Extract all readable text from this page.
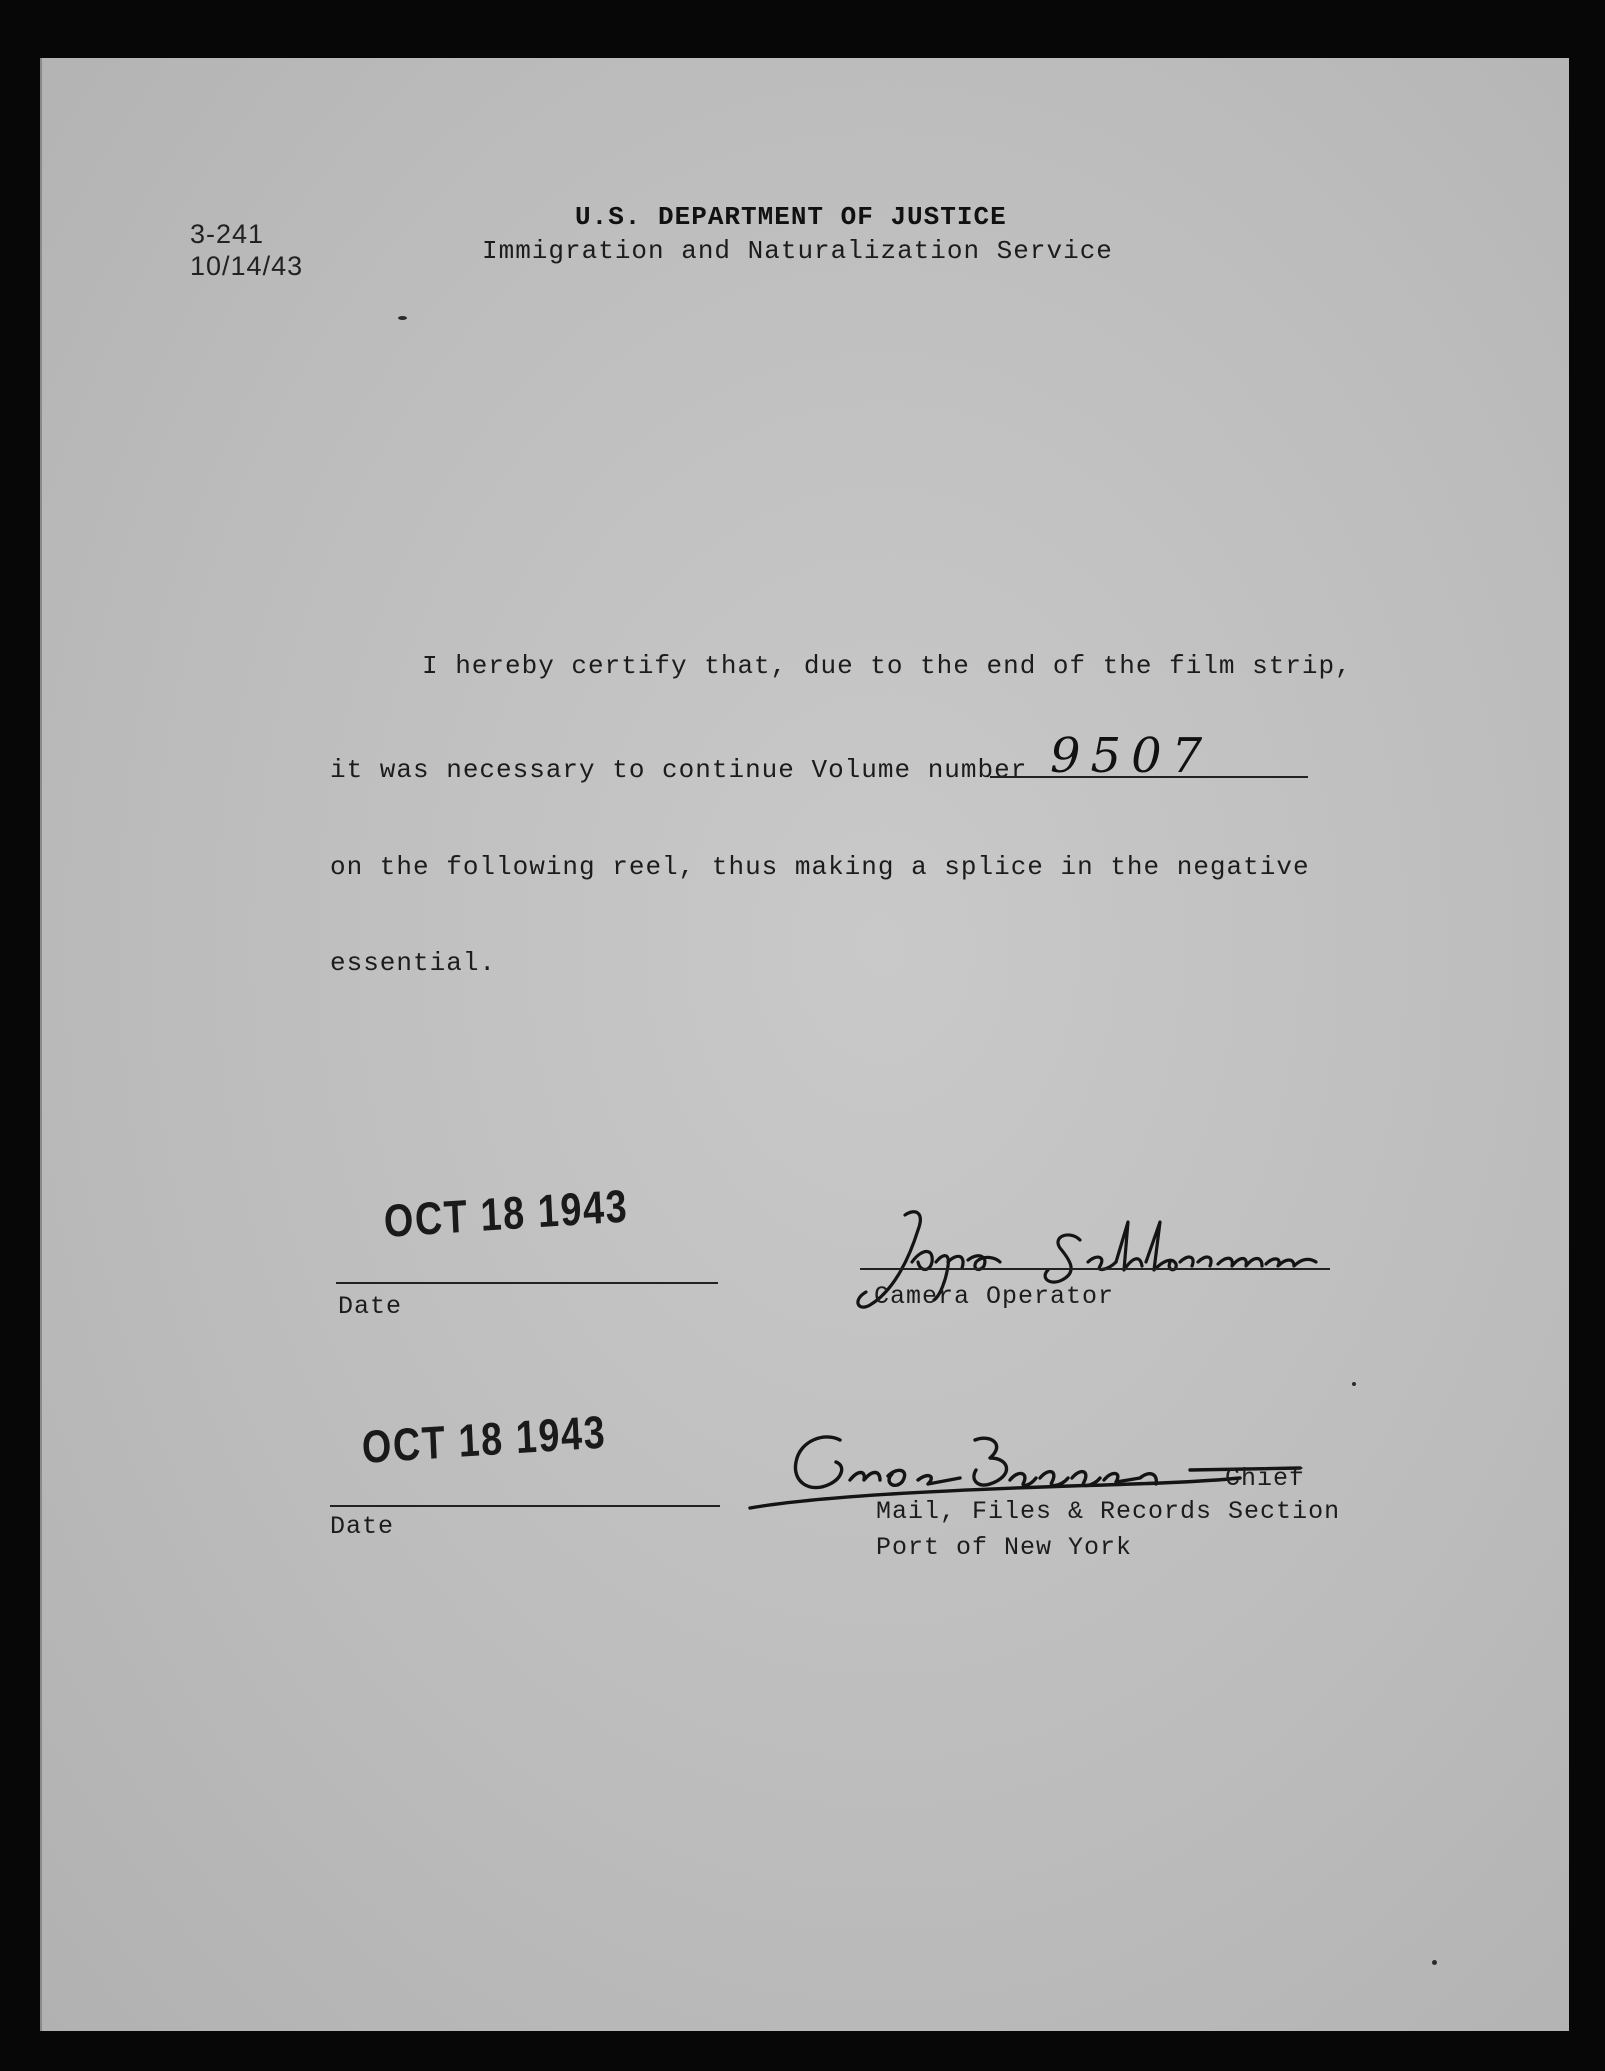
3-241
10/14/43
U.S. DEPARTMENT OF JUSTICE
Immigration and Naturalization Service
I hereby certify that, due to the end of the film strip,
it was necessary to continue Volume number 9507
on the following reel, thus making a splice in the negative
essential.
OCT 18 1943
Date	Camera Operator
OCT 18 1943
Date
Chief
Mail, Files & Records Section
Port of New York
